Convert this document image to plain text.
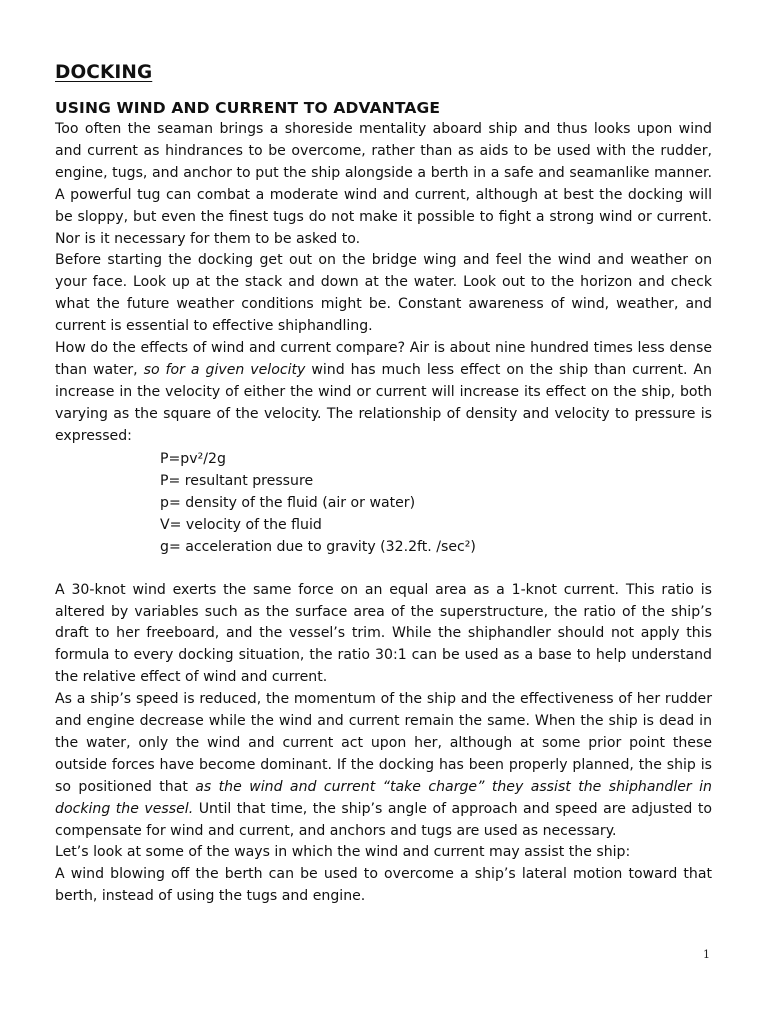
DOCKING
USING WIND AND CURRENT TO ADVANTAGE

Too often the seaman brings a shoreside mentality aboard ship and thus looks upon wind and current as hindrances to be overcome, rather than as aids to be used with the rudder, engine, tugs, and anchor to put the ship alongside a berth in a safe and seamanlike manner. A powerful tug can combat a moderate wind and current, although at best the docking will be sloppy, but even the finest tugs do not make it possible to fight a strong wind or current. Nor is it necessary for them to be asked to.

Before starting the docking get out on the bridge wing and feel the wind and weather on your face. Look up at the stack and down at the water. Look out to the horizon and check what the future weather conditions might be. Constant awareness of wind, weather, and current is essential to effective shiphandling.

How do the effects of wind and current compare? Air is about nine hundred times less dense than water, so for a given velocity wind has much less effect on the ship than current. An increase in the velocity of either the wind or current will increase its effect on the ship, both varying as the square of the velocity. The relationship of density and velocity to pressure is expressed:

P=pv²/2g

P= resultant pressure

p= density of the fluid (air or water)

V= velocity of the fluid

g= acceleration due to gravity (32.2ft. /sec²)

A 30-knot wind exerts the same force on an equal area as a 1-knot current. This ratio is altered by variables such as the surface area of the superstructure, the ratio of the ship’s draft to her freeboard, and the vessel’s trim. While the shiphandler should not apply this formula to every docking situation, the ratio 30:1 can be used as a base to help understand the relative effect of wind and current.

As a ship’s speed is reduced, the momentum of the ship and the effectiveness of her rudder and engine decrease while the wind and current remain the same. When the ship is dead in the water, only the wind and current act upon her, although at some prior point these outside forces have become dominant. If the docking has been properly planned, the ship is so positioned that as the wind and current “take charge” they assist the shiphandler in docking the vessel. Until that time, the ship’s angle of approach and speed are adjusted to compensate for wind and current, and anchors and tugs are used as necessary.

Let’s look at some of the ways in which the wind and current may assist the ship:

A wind blowing off the berth can be used to overcome a ship’s lateral motion toward that berth, instead of using the tugs and engine.

1
